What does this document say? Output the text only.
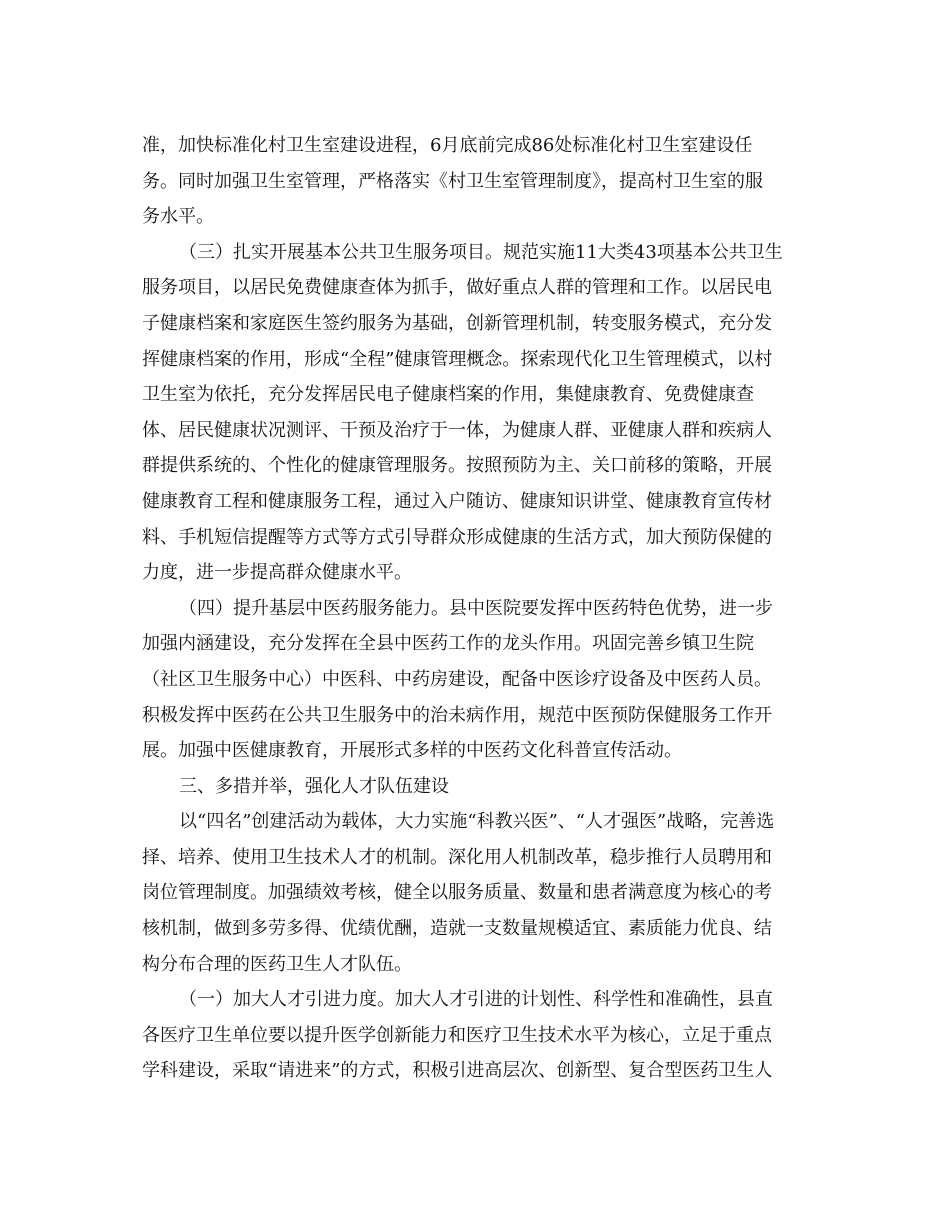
准，加快标准化村卫生室建设进程，6月底前完成86处标准化村卫生室建设任

务。同时加强卫生室管理，严格落实《村卫生室管理制度》，提高村卫生室的服

务水平。

（三）扎实开展基本公共卫生服务项目。规范实施11大类43项基本公共卫生

服务项目，以居民免费健康查体为抓手，做好重点人群的管理和工作。以居民电

子健康档案和家庭医生签约服务为基础，创新管理机制，转变服务模式，充分发

挥健康档案的作用，形成“全程”健康管理概念。探索现代化卫生管理模式，以村

卫生室为依托，充分发挥居民电子健康档案的作用，集健康教育、免费健康查

体、居民健康状况测评、干预及治疗于一体，为健康人群、亚健康人群和疾病人

群提供系统的、个性化的健康管理服务。按照预防为主、关口前移的策略，开展

健康教育工程和健康服务工程，通过入户随访、健康知识讲堂、健康教育宣传材

料、手机短信提醒等方式等方式引导群众形成健康的生活方式，加大预防保健的

力度，进一步提高群众健康水平。

（四）提升基层中医药服务能力。县中医院要发挥中医药特色优势，进一步

加强内涵建设，充分发挥在全县中医药工作的龙头作用。巩固完善乡镇卫生院

（社区卫生服务中心）中医科、中药房建设，配备中医诊疗设备及中医药人员。

积极发挥中医药在公共卫生服务中的治未病作用，规范中医预防保健服务工作开

展。加强中医健康教育，开展形式多样的中医药文化科普宣传活动。

三、多措并举，强化人才队伍建设

以“四名”创建活动为载体，大力实施“科教兴医”、“人才强医”战略，完善选

择、培养、使用卫生技术人才的机制。深化用人机制改革，稳步推行人员聘用和

岗位管理制度。加强绩效考核，健全以服务质量、数量和患者满意度为核心的考

核机制，做到多劳多得、优绩优酬，造就一支数量规模适宜、素质能力优良、结

构分布合理的医药卫生人才队伍。

（一）加大人才引进力度。加大人才引进的计划性、科学性和准确性，县直

各医疗卫生单位要以提升医学创新能力和医疗卫生技术水平为核心，立足于重点

学科建设，采取“请进来”的方式，积极引进高层次、创新型、复合型医药卫生人
